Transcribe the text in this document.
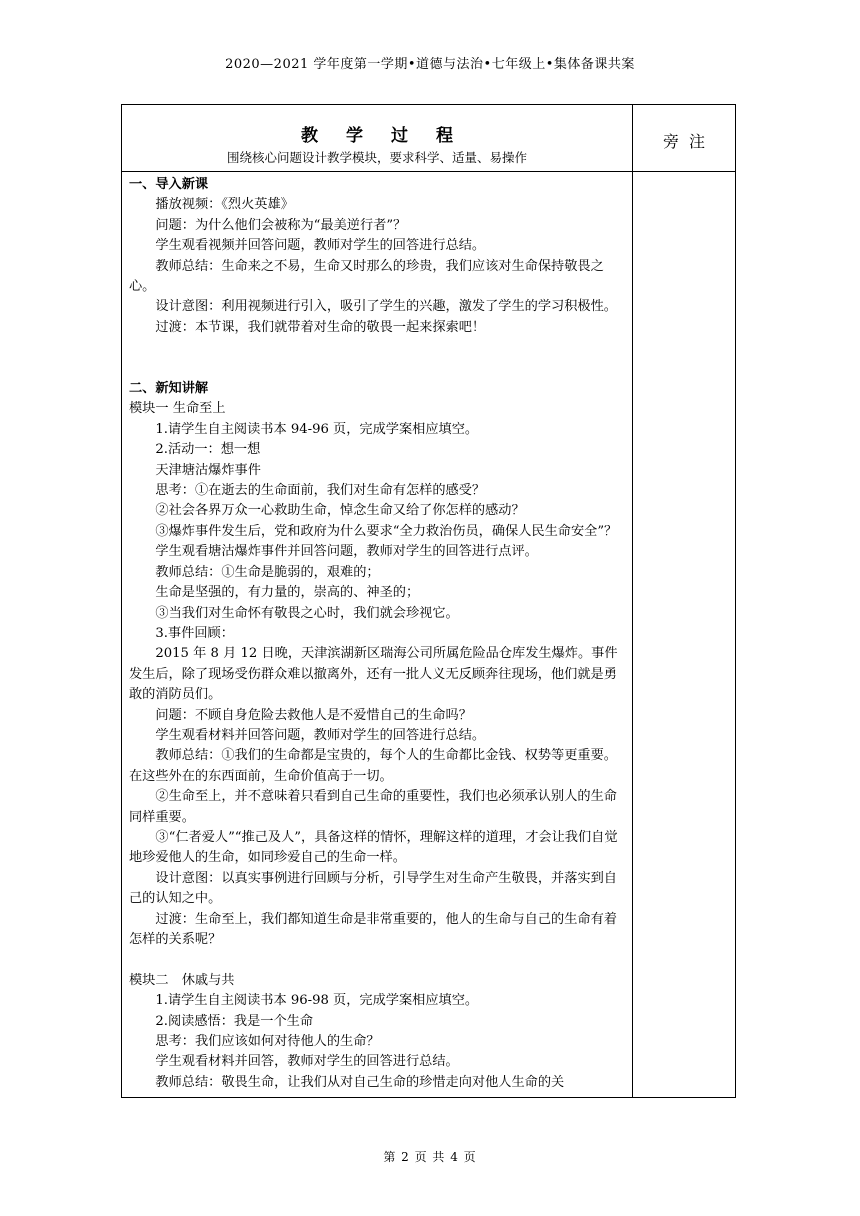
2020—2021 学年度第一学期•道德与法治•七年级上•集体备课共案
教学过程
围绕核心问题设计教学模块，要求科学、适量、易操作
旁注

一、导入新课

播放视频：《烈火英雄》

问题：为什么他们会被称为“最美逆行者”？

学生观看视频并回答问题，教师对学生的回答进行总结。

教师总结：生命来之不易，生命又时那么的珍贵，我们应该对生命保持敬畏之心。

设计意图：利用视频进行引入，吸引了学生的兴趣，激发了学生的学习积极性。

过渡：本节课，我们就带着对生命的敬畏一起来探索吧！

二、新知讲解

模块一 生命至上

1.请学生自主阅读书本 94-96 页，完成学案相应填空。

2.活动一：想一想

天津塘沽爆炸事件

思考：①在逝去的生命面前，我们对生命有怎样的感受？

②社会各界万众一心救助生命，悼念生命又给了你怎样的感动？

③爆炸事件发生后，党和政府为什么要求“全力救治伤员，确保人民生命安全”？

学生观看塘沽爆炸事件并回答问题，教师对学生的回答进行点评。

教师总结：①生命是脆弱的，艰难的；

生命是坚强的，有力量的，崇高的、神圣的；

③当我们对生命怀有敬畏之心时，我们就会珍视它。

3.事件回顾：

2015 年 8 月 12 日晚，天津滨湖新区瑞海公司所属危险品仓库发生爆炸。事件发生后，除了现场受伤群众难以撤离外，还有一批人义无反顾奔往现场，他们就是勇敢的消防员们。

问题：不顾自身危险去救他人是不爱惜自己的生命吗？

学生观看材料并回答问题，教师对学生的回答进行总结。

教师总结：①我们的生命都是宝贵的，每个人的生命都比金钱、权势等更重要。在这些外在的东西面前，生命价值高于一切。

②生命至上，并不意味着只看到自己生命的重要性，我们也必须承认别人的生命同样重要。

③“仁者爱人”“推己及人”，具备这样的情怀，理解这样的道理，才会让我们自觉地珍爱他人的生命，如同珍爱自己的生命一样。

设计意图：以真实事例进行回顾与分析，引导学生对生命产生敬畏，并落实到自己的认知之中。

过渡：生命至上，我们都知道生命是非常重要的，他人的生命与自己的生命有着怎样的关系呢？

模块二　休戚与共

1.请学生自主阅读书本 96-98 页，完成学案相应填空。

2.阅读感悟：我是一个生命

思考：我们应该如何对待他人的生命？

学生观看材料并回答，教师对学生的回答进行总结。

教师总结：敬畏生命，让我们从对自己生命的珍惜走向对他人生命的关

第 2 页 共 4 页
